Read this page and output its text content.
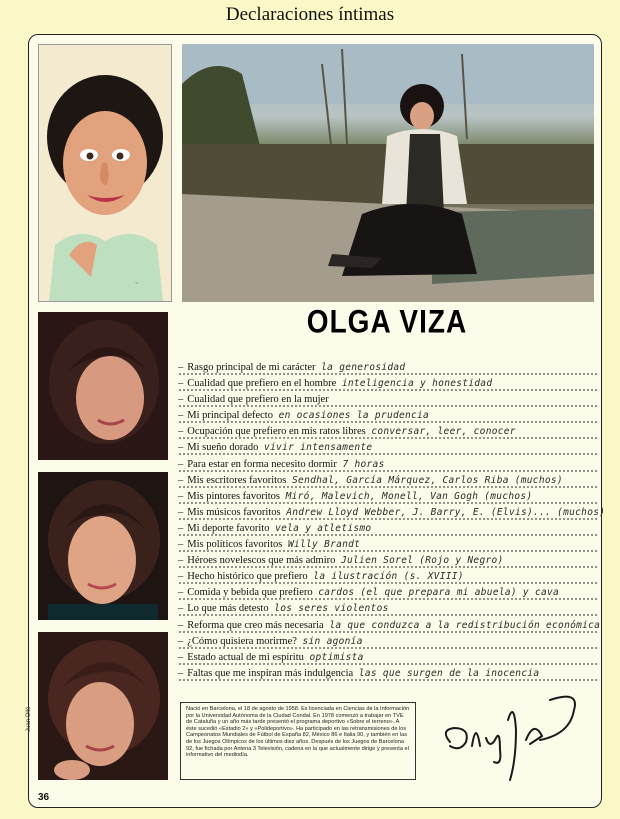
Declaraciones íntimas
~
OLGA VIZA
– Rasgo principal de mi carácter la generosidad
– Cualidad que prefiero en el hombre inteligencia y honestidad
– Cualidad que prefiero en la mujer
– Mi principal defecto en ocasiones la prudencia
– Ocupación que prefiero en mis ratos libres conversar, leer, conocer
– Mi sueño dorado vivir intensamente
– Para estar en forma necesito dormir 7 horas
– Mis escritores favoritos Sendhal, García Márquez, Carlos Riba (muchos)
– Mis pintores favoritos Miró, Malevich, Monell, Van Gogh (muchos)
– Mis músicos favoritos Andrew Lloyd Webber, J. Barry, E. (Elvis)... (muchos)
– Mi deporte favorito vela y atletismo
– Mis políticos favoritos Willy Brandt
– Héroes novelescos que más admiro Julien Sorel (Rojo y Negro)
– Hecho histórico que prefiero la ilustración (s. XVIII)
– Comida y bebida que prefiero cardos (el que prepara mi abuela) y cava
– Lo que más detesto los seres violentos
– Reforma que creo más necesaria la que conduzca a la redistribución económica
– ¿Cómo quisiera morirme? sin agonía
– Estado actual de mi espíritu optimista
– Faltas que me inspiran más indulgencia las que surgen de la inocencia
Nació en Barcelona, el 18 de agosto de 1958. Es licenciada en Ciencias de la Información por la Universidad Autónoma de la Ciudad Condal. En 1978 comenzó a trabajar en TVE de Cataluña y un año más tarde presentó el programa deportivo «Sobre el terreno». A éste sucedió «Estadio 2» y «Polideportivo». Ha participado en las retransmisiones de los Campeonatos Mundiales de Fútbol de España 82, México 86 e Italia 90, y también en las de los Juegos Olímpicos de los últimos diez años. Después de los Juegos de Barcelona 92, fue fichada por Antena 3 Televisión, cadena en la que actualmente dirige y presenta el informativo del mediodía.
Juan Ollé
36
